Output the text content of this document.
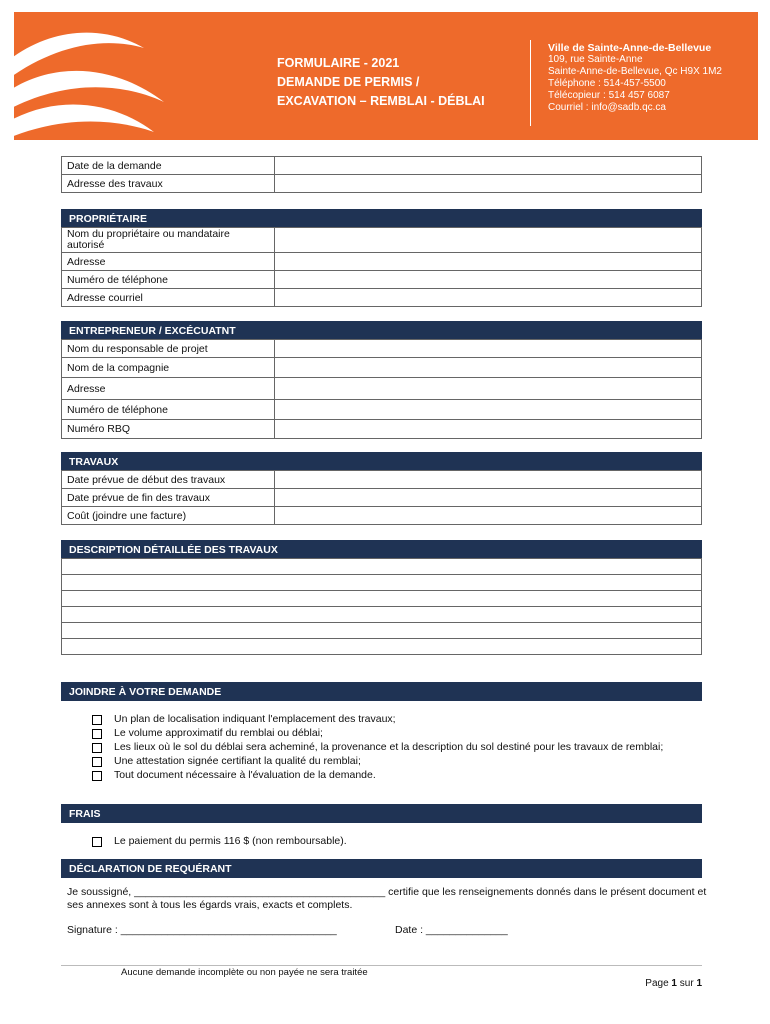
FORMULAIRE - 2021
DEMANDE DE PERMIS /
EXCAVATION – REMBLAI - DÉBLAI
Ville de Sainte-Anne-de-Bellevue
109, rue Sainte-Anne
Sainte-Anne-de-Bellevue, Qc H9X 1M2
Téléphone : 514-457-5500
Télécopieur : 514 457 6087
Courriel : info@sadb.qc.ca
Date de la demande	
Adresse des travaux	
PROPRIÉTAIRE
Nom du propriétaire ou mandataire autorisé	
Adresse	
Numéro de téléphone	
Adresse courriel	
ENTREPRENEUR / EXCÉCUATNT
Nom du responsable de projet	
Nom de la compagnie	
Adresse	
Numéro de téléphone	
Numéro RBQ	
TRAVAUX
Date prévue de début des travaux	
Date prévue de fin des travaux	
Coût (joindre une facture)	
DESCRIPTION DÉTAILLÉE DES TRAVAUX

JOINDRE À VOTRE DEMANDE
Un plan de localisation indiquant l'emplacement des travaux;
Le volume approximatif du remblai ou déblai;
Les lieux où le sol du déblai sera acheminé, la provenance et la description du sol destiné pour les travaux de remblai;
Une attestation signée certifiant la qualité du remblai;
Tout document nécessaire à l'évaluation de la demande.
FRAIS
Le paiement du permis 116 $ (non remboursable).
DÉCLARATION DE REQUÉRANT
Je soussigné, ___________________________________________ certifie que les renseignements donnés dans le présent document et ses annexes sont à tous les égards vrais, exacts et complets.
Signature : _____________________________________	Date : ______________
Aucune demande incomplète ou non payée ne sera traitée
Page 1 sur 1
